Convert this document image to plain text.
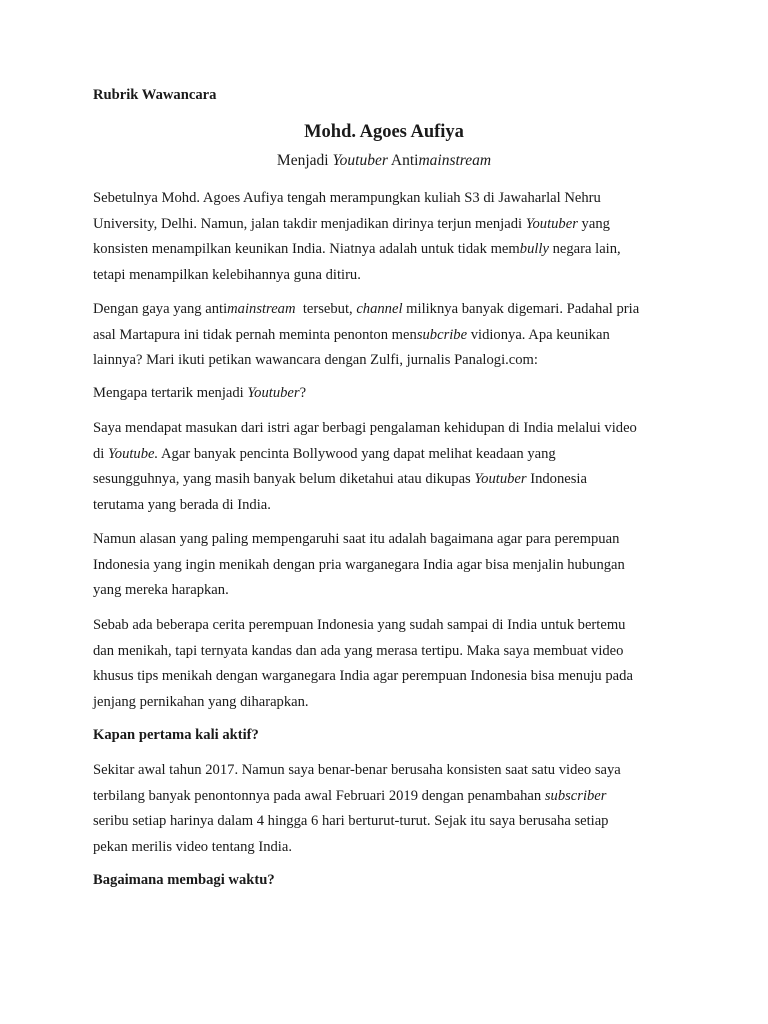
Rubrik Wawancara
Mohd. Agoes Aufiya
Menjadi Youtuber Antimainstream

Sebetulnya Mohd. Agoes Aufiya tengah merampungkan kuliah S3 di Jawaharlal Nehru

University, Delhi. Namun, jalan takdir menjadikan dirinya terjun menjadi Youtuber yang

konsisten menampilkan keunikan India. Niatnya adalah untuk tidak membully negara lain,

tetapi menampilkan kelebihannya guna ditiru.

Dengan gaya yang antimainstream  tersebut, channel miliknya banyak digemari. Padahal pria

asal Martapura ini tidak pernah meminta penonton mensubcribe vidionya. Apa keunikan

lainnya? Mari ikuti petikan wawancara dengan Zulfi, jurnalis Panalogi.com:

Mengapa tertarik menjadi Youtuber?

Saya mendapat masukan dari istri agar berbagi pengalaman kehidupan di India melalui video

di Youtube. Agar banyak pencinta Bollywood yang dapat melihat keadaan yang

sesungguhnya, yang masih banyak belum diketahui atau dikupas Youtuber Indonesia

terutama yang berada di India.

Namun alasan yang paling mempengaruhi saat itu adalah bagaimana agar para perempuan

Indonesia yang ingin menikah dengan pria warganegara India agar bisa menjalin hubungan

yang mereka harapkan.

Sebab ada beberapa cerita perempuan Indonesia yang sudah sampai di India untuk bertemu

dan menikah, tapi ternyata kandas dan ada yang merasa tertipu. Maka saya membuat video

khusus tips menikah dengan warganegara India agar perempuan Indonesia bisa menuju pada

jenjang pernikahan yang diharapkan.

Kapan pertama kali aktif?

Sekitar awal tahun 2017. Namun saya benar-benar berusaha konsisten saat satu video saya

terbilang banyak penontonnya pada awal Februari 2019 dengan penambahan subscriber

seribu setiap harinya dalam 4 hingga 6 hari berturut-turut. Sejak itu saya berusaha setiap

pekan merilis video tentang India.

Bagaimana membagi waktu?
